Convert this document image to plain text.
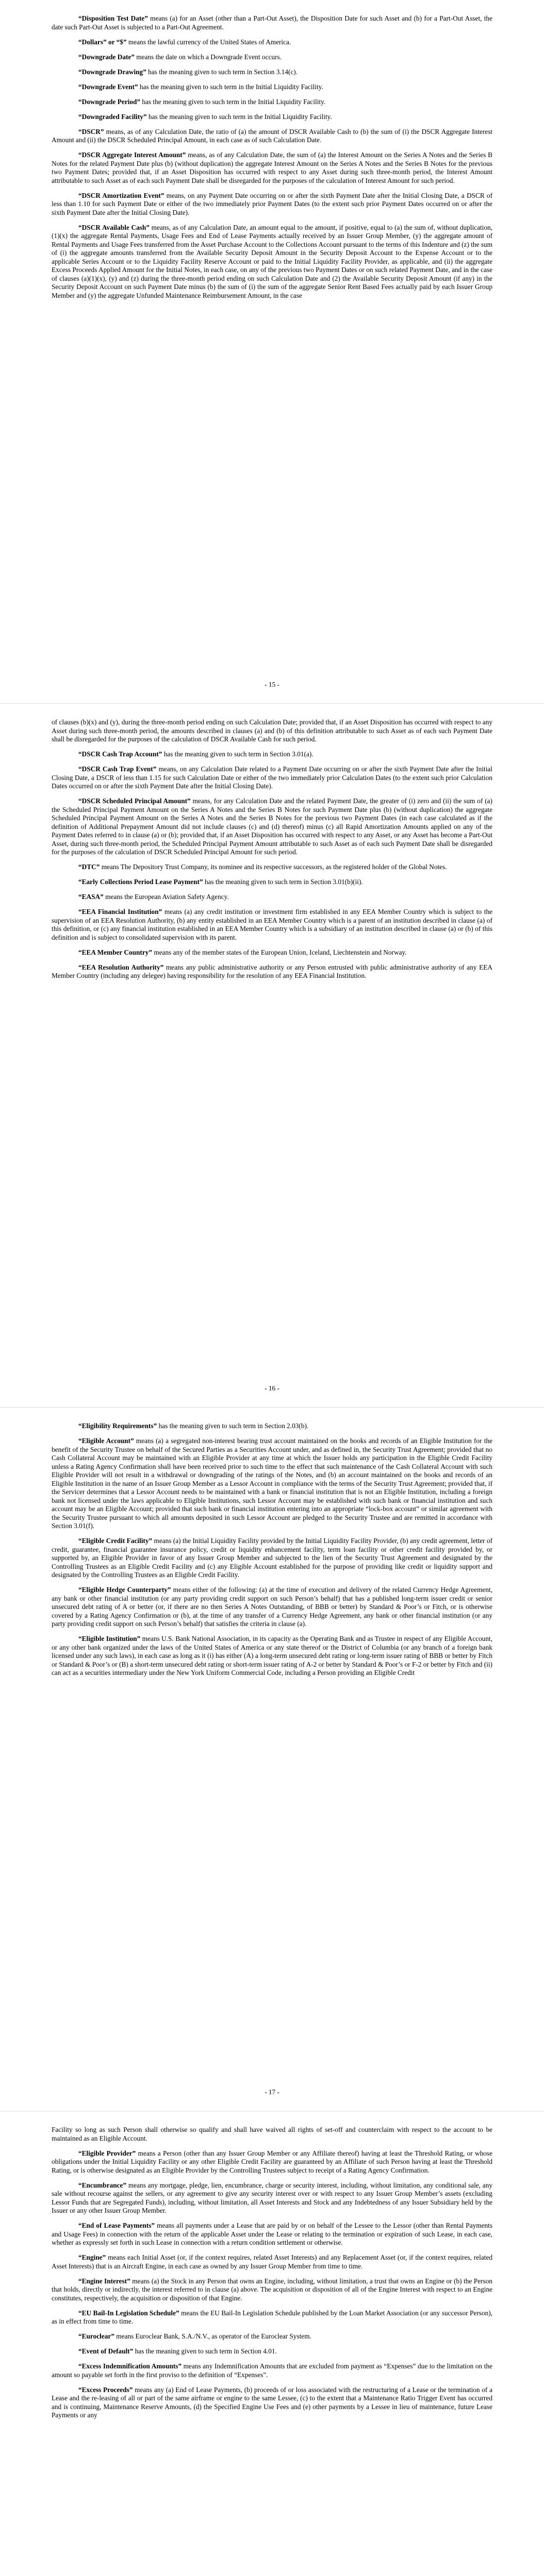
“Disposition Test Date” means (a) for an Asset (other than a Part-Out Asset), the Disposition Date for such Asset and (b) for a Part-Out Asset, the date such Part-Out Asset is subjected to a Part-Out Agreement.

“Dollars” or “$” means the lawful currency of the United States of America.

“Downgrade Date” means the date on which a Downgrade Event occurs.

“Downgrade Drawing” has the meaning given to such term in Section 3.14(c).

“Downgrade Event” has the meaning given to such term in the Initial Liquidity Facility.

“Downgrade Period” has the meaning given to such term in the Initial Liquidity Facility.

“Downgraded Facility” has the meaning given to such term in the Initial Liquidity Facility.

“DSCR” means, as of any Calculation Date, the ratio of (a) the amount of DSCR Available Cash to (b) the sum of (i) the DSCR Aggregate Interest Amount and (ii) the DSCR Scheduled Principal Amount, in each case as of such Calculation Date.

“DSCR Aggregate Interest Amount” means, as of any Calculation Date, the sum of (a) the Interest Amount on the Series A Notes and the Series B Notes for the related Payment Date plus (b) (without duplication) the aggregate Interest Amount on the Series A Notes and the Series B Notes for the previous two Payment Dates; provided that, if an Asset Disposition has occurred with respect to any Asset during such three-month period, the Interest Amount attributable to such Asset as of each such Payment Date shall be disregarded for the purposes of the calculation of Interest Amount for such period.

“DSCR Amortization Event” means, on any Payment Date occurring on or after the sixth Payment Date after the Initial Closing Date, a DSCR of less than 1.10 for such Payment Date or either of the two immediately prior Payment Dates (to the extent such prior Payment Dates occurred on or after the sixth Payment Date after the Initial Closing Date).

“DSCR Available Cash” means, as of any Calculation Date, an amount equal to the amount, if positive, equal to (a) the sum of, without duplication, (1)(x) the aggregate Rental Payments, Usage Fees and End of Lease Payments actually received by an Issuer Group Member, (y) the aggregate amount of Rental Payments and Usage Fees transferred from the Asset Purchase Account to the Collections Account pursuant to the terms of this Indenture and (z) the sum of (i) the aggregate amounts transferred from the Available Security Deposit Amount in the Security Deposit Account to the Expense Account or to the applicable Series Account or to the Liquidity Facility Reserve Account or paid to the Initial Liquidity Facility Provider, as applicable, and (ii) the aggregate Excess Proceeds Applied Amount for the Initial Notes, in each case, on any of the previous two Payment Dates or on such related Payment Date, and in the case of clauses (a)(1)(x), (y) and (z) during the three-month period ending on such Calculation Date and (2) the Available Security Deposit Amount (if any) in the Security Deposit Account on such Payment Date minus (b) the sum of (i) the sum of the aggregate Senior Rent Based Fees actually paid by each Issuer Group Member and (y) the aggregate Unfunded Maintenance Reimbursement Amount, in the case

- 15 -

of clauses (b)(x) and (y), during the three-month period ending on such Calculation Date; provided that, if an Asset Disposition has occurred with respect to any Asset during such three-month period, the amounts described in clauses (a) and (b) of this definition attributable to such Asset as of each such Payment Date shall be disregarded for the purposes of the calculation of DSCR Available Cash for such period.

“DSCR Cash Trap Account” has the meaning given to such term in Section 3.01(a).

“DSCR Cash Trap Event” means, on any Calculation Date related to a Payment Date occurring on or after the sixth Payment Date after the Initial Closing Date, a DSCR of less than 1.15 for such Calculation Date or either of the two immediately prior Calculation Dates (to the extent such prior Calculation Dates occurred on or after the sixth Payment Date after the Initial Closing Date).

“DSCR Scheduled Principal Amount” means, for any Calculation Date and the related Payment Date, the greater of (i) zero and (ii) the sum of (a) the Scheduled Principal Payment Amount on the Series A Notes and the Series B Notes for such Payment Date plus (b) (without duplication) the aggregate Scheduled Principal Payment Amount on the Series A Notes and the Series B Notes for the previous two Payment Dates (in each case calculated as if the definition of Additional Prepayment Amount did not include clauses (c) and (d) thereof) minus (c) all Rapid Amortization Amounts applied on any of the Payment Dates referred to in clause (a) or (b); provided that, if an Asset Disposition has occurred with respect to any Asset, or any Asset has become a Part-Out Asset, during such three-month period, the Scheduled Principal Payment Amount attributable to such Asset as of each such Payment Date shall be disregarded for the purposes of the calculation of DSCR Scheduled Principal Amount for such period.

“DTC” means The Depository Trust Company, its nominee and its respective successors, as the registered holder of the Global Notes.

“Early Collections Period Lease Payment” has the meaning given to such term in Section 3.01(b)(ii).

“EASA” means the European Aviation Safety Agency.

“EEA Financial Institution” means (a) any credit institution or investment firm established in any EEA Member Country which is subject to the supervision of an EEA Resolution Authority, (b) any entity established in an EEA Member Country which is a parent of an institution described in clause (a) of this definition, or (c) any financial institution established in an EEA Member Country which is a subsidiary of an institution described in clause (a) or (b) of this definition and is subject to consolidated supervision with its parent.

“EEA Member Country” means any of the member states of the European Union, Iceland, Liechtenstein and Norway.

“EEA Resolution Authority” means any public administrative authority or any Person entrusted with public administrative authority of any EEA Member Country (including any delegee) having responsibility for the resolution of any EEA Financial Institution.

- 16 -

“Eligibility Requirements” has the meaning given to such term in Section 2.03(b).

“Eligible Account” means (a) a segregated non-interest bearing trust account maintained on the books and records of an Eligible Institution for the benefit of the Security Trustee on behalf of the Secured Parties as a Securities Account under, and as defined in, the Security Trust Agreement; provided that no Cash Collateral Account may be maintained with an Eligible Provider at any time at which the Issuer holds any participation in the Eligible Credit Facility unless a Rating Agency Confirmation shall have been received prior to such time to the effect that such maintenance of the Cash Collateral Account with such Eligible Provider will not result in a withdrawal or downgrading of the ratings of the Notes, and (b) an account maintained on the books and records of an Eligible Institution in the name of an Issuer Group Member as a Lessor Account in compliance with the terms of the Security Trust Agreement; provided that, if the Servicer determines that a Lessor Account needs to be maintained with a bank or financial institution that is not an Eligible Institution, including a foreign bank not licensed under the laws applicable to Eligible Institutions, such Lessor Account may be established with such bank or financial institution and such account may be an Eligible Account; provided that such bank or financial institution entering into an appropriate “lock-box account” or similar agreement with the Security Trustee pursuant to which all amounts deposited in such Lessor Account are pledged to the Security Trustee and are remitted in accordance with Section 3.01(f).

“Eligible Credit Facility” means (a) the Initial Liquidity Facility provided by the Initial Liquidity Facility Provider, (b) any credit agreement, letter of credit, guarantee, financial guarantee insurance policy, credit or liquidity enhancement facility, term loan facility or other credit facility provided by, or supported by, an Eligible Provider in favor of any Issuer Group Member and subjected to the lien of the Security Trust Agreement and designated by the Controlling Trustees as an Eligible Credit Facility and (c) any Eligible Account established for the purpose of providing like credit or liquidity support and designated by the Controlling Trustees as an Eligible Credit Facility.

“Eligible Hedge Counterparty” means either of the following: (a) at the time of execution and delivery of the related Currency Hedge Agreement, any bank or other financial institution (or any party providing credit support on such Person’s behalf) that has a published long-term issuer credit or senior unsecured debt rating of A or better (or, if there are no then Series A Notes Outstanding, of BBB or better) by Standard & Poor’s or Fitch, or is otherwise covered by a Rating Agency Confirmation or (b), at the time of any transfer of a Currency Hedge Agreement, any bank or other financial institution (or any party providing credit support on such Person’s behalf) that satisfies the criteria in clause (a).

“Eligible Institution” means U.S. Bank National Association, in its capacity as the Operating Bank and as Trustee in respect of any Eligible Account, or any other bank organized under the laws of the United States of America or any state thereof or the District of Columbia (or any branch of a foreign bank licensed under any such laws), in each case as long as it (i) has either (A) a long-term unsecured debt rating or long-term issuer rating of BBB or better by Fitch or Standard & Poor’s or (B) a short-term unsecured debt rating or short-term issuer rating of A-2 or better by Standard & Poor’s or F-2 or better by Fitch and (ii) can act as a securities intermediary under the New York Uniform Commercial Code, including a Person providing an Eligible Credit

- 17 -

Facility so long as such Person shall otherwise so qualify and shall have waived all rights of set-off and counterclaim with respect to the account to be maintained as an Eligible Account.

“Eligible Provider” means a Person (other than any Issuer Group Member or any Affiliate thereof) having at least the Threshold Rating, or whose obligations under the Initial Liquidity Facility or any other Eligible Credit Facility are guaranteed by an Affiliate of such Person having at least the Threshold Rating, or is otherwise designated as an Eligible Provider by the Controlling Trustees subject to receipt of a Rating Agency Confirmation.

“Encumbrance” means any mortgage, pledge, lien, encumbrance, charge or security interest, including, without limitation, any conditional sale, any sale without recourse against the sellers, or any agreement to give any security interest over or with respect to any Issuer Group Member’s assets (excluding Lessor Funds that are Segregated Funds), including, without limitation, all Asset Interests and Stock and any Indebtedness of any Issuer Subsidiary held by the Issuer or any other Issuer Group Member.

“End of Lease Payments” means all payments under a Lease that are paid by or on behalf of the Lessee to the Lessor (other than Rental Payments and Usage Fees) in connection with the return of the applicable Asset under the Lease or relating to the termination or expiration of such Lease, in each case, whether as expressly set forth in such Lease in connection with a return condition settlement or otherwise.

“Engine” means each Initial Asset (or, if the context requires, related Asset Interests) and any Replacement Asset (or, if the context requires, related Asset Interests) that is an Aircraft Engine, in each case as owned by any Issuer Group Member from time to time.

“Engine Interest” means (a) the Stock in any Person that owns an Engine, including, without limitation, a trust that owns an Engine or (b) the Person that holds, directly or indirectly, the interest referred to in clause (a) above. The acquisition or disposition of all of the Engine Interest with respect to an Engine constitutes, respectively, the acquisition or disposition of that Engine.

“EU Bail-In Legislation Schedule” means the EU Bail-In Legislation Schedule published by the Loan Market Association (or any successor Person), as in effect from time to time.

“Euroclear” means Euroclear Bank, S.A./N.V., as operator of the Euroclear System.

“Event of Default” has the meaning given to such term in Section 4.01.

“Excess Indemnification Amounts” means any Indemnification Amounts that are excluded from payment as “Expenses” due to the limitation on the amount so payable set forth in the first proviso to the definition of “Expenses”.

“Excess Proceeds” means any (a) End of Lease Payments, (b) proceeds of or loss associated with the restructuring of a Lease or the termination of a Lease and the re-leasing of all or part of the same airframe or engine to the same Lessee, (c) to the extent that a Maintenance Ratio Trigger Event has occurred and is continuing, Maintenance Reserve Amounts, (d) the Specified Engine Use Fees and (e) other payments by a Lessee in lieu of maintenance, future Lease Payments or any
